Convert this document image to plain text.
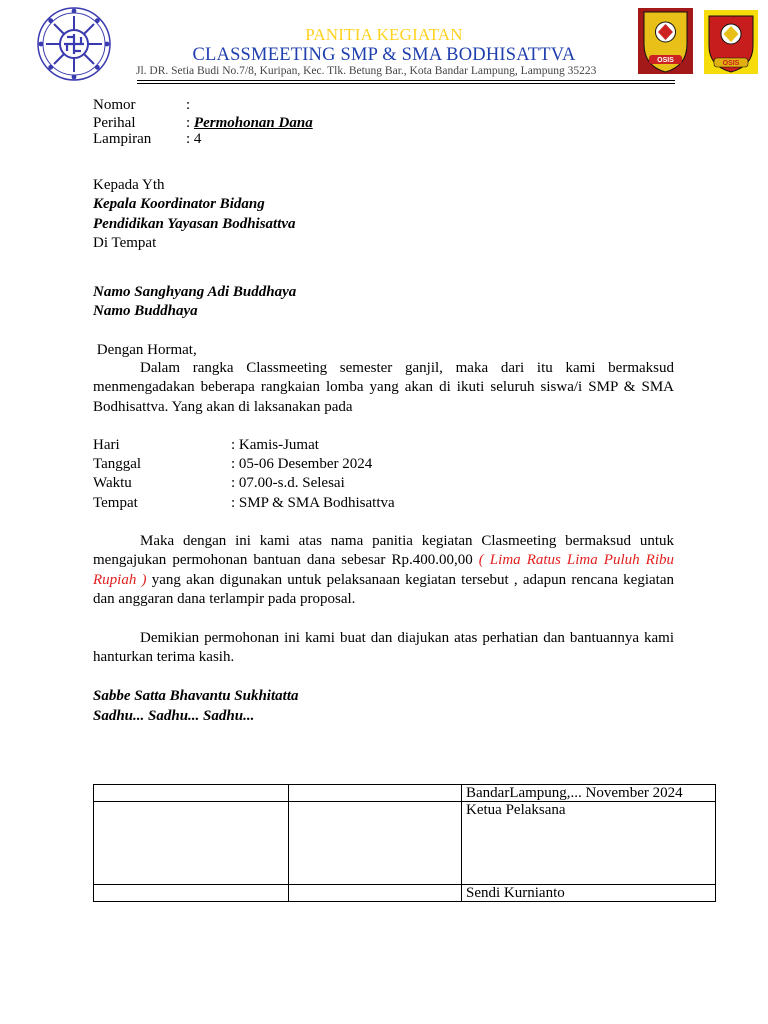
OSIS	OSIS
PANITIA KEGIATAN
CLASSMEETING SMP & SMA BODHISATTVA
Jl. DR. Setia Budi No.7/8, Kuripan, Kec. Tlk. Betung Bar., Kota Bandar Lampung, Lampung 35223
Nomor	:
Perihal	: Permohonan Dana
Lampiran : 4
Kepada Yth
Kepala Koordinator Bidang
Pendidikan Yayasan Bodhisattva
Di Tempat
Namo Sanghyang Adi Buddhaya
Namo Buddhaya
Dengan Hormat,
Dalam rangka Classmeeting semester ganjil, maka dari itu kami bermaksud menmengadakan beberapa rangkaian lomba yang akan di ikuti seluruh siswa/i SMP & SMA Bodhisattva. Yang akan di laksanakan pada
Hari	: Kamis-Jumat
Tanggal	: 05-06 Desember 2024
Waktu	: 07.00-s.d. Selesai
Tempat	: SMP & SMA Bodhisattva
Maka dengan ini kami atas nama panitia kegiatan Clasmeeting bermaksud untuk mengajukan permohonan bantuan dana sebesar Rp.400.00,00 ( Lima Ratus Lima Puluh Ribu Rupiah ) yang akan digunakan untuk pelaksanaan kegiatan tersebut , adapun rencana kegiatan dan anggaran dana terlampir pada proposal.
Demikian permohonan ini kami buat dan diajukan atas perhatian dan bantuannya kami hanturkan terima kasih.
Sabbe Satta Bhavantu Sukhitatta
Sadhu... Sadhu... Sadhu...
		BandarLampung,... November 2024
		Ketua Pelaksana
		Sendi Kurnianto
